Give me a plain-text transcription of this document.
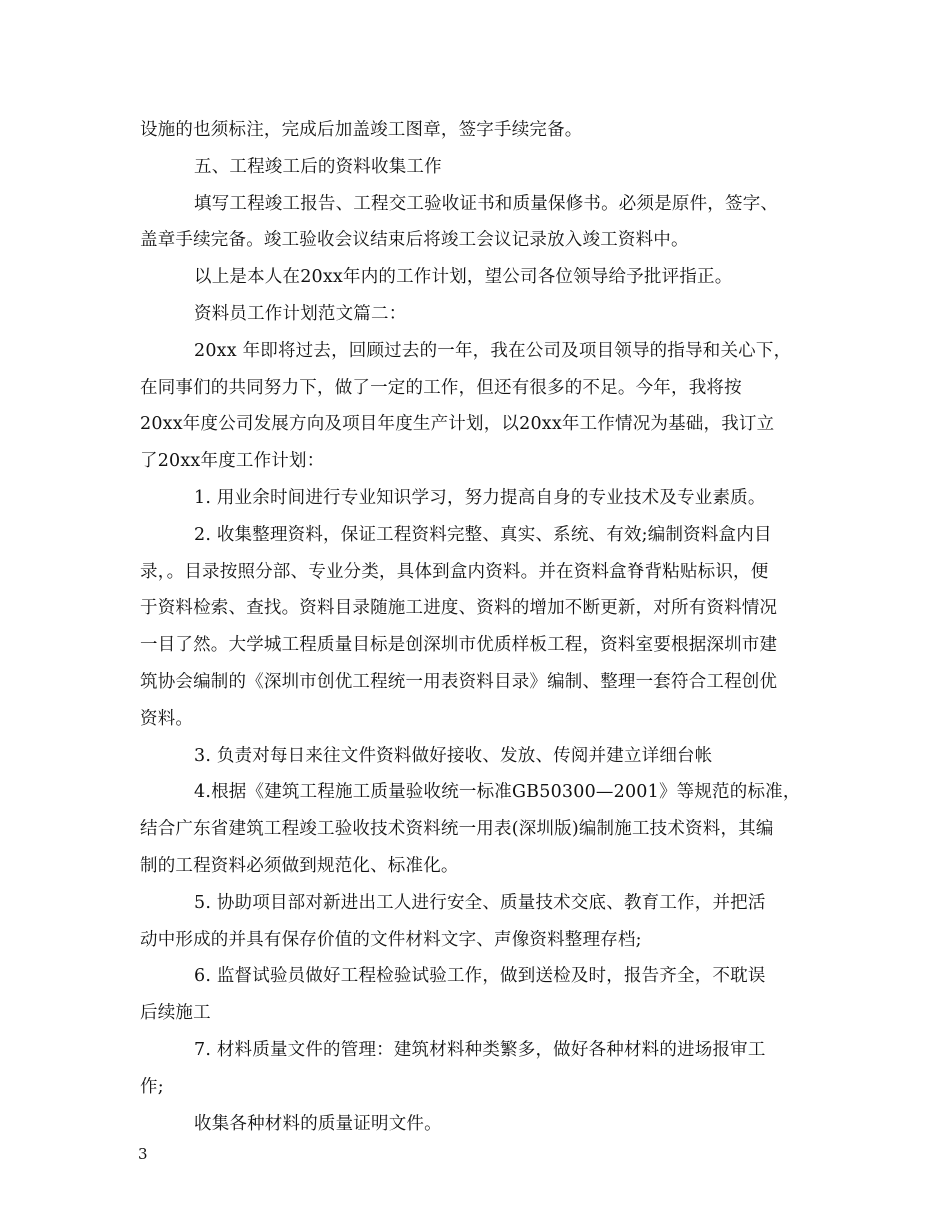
设施的也须标注，完成后加盖竣工图章，签字手续完备。
五、工程竣工后的资料收集工作
填写工程竣工报告、工程交工验收证书和质量保修书。必须是原件，签字、
盖章手续完备。竣工验收会议结束后将竣工会议记录放入竣工资料中。
以上是本人在20xx年内的工作计划，望公司各位领导给予批评指正。
资料员工作计划范文篇二：
20xx 年即将过去，回顾过去的一年，我在公司及项目领导的指导和关心下，
在同事们的共同努力下，做了一定的工作，但还有很多的不足。今年，我将按
20xx年度公司发展方向及项目年度生产计划，以20xx年工作情况为基础，我订立
了20xx年度工作计划：
1. 用业余时间进行专业知识学习，努力提高自身的专业技术及专业素质。
2. 收集整理资料，保证工程资料完整、真实、系统、有效;编制资料盒内目
录，。目录按照分部、专业分类，具体到盒内资料。并在资料盒脊背粘贴标识，便
于资料检索、查找。资料目录随施工进度、资料的增加不断更新，对所有资料情况
一目了然。大学城工程质量目标是创深圳市优质样板工程，资料室要根据深圳市建
筑协会编制的《深圳市创优工程统一用表资料目录》编制、整理一套符合工程创优
资料。
3. 负责对每日来往文件资料做好接收、发放、传阅并建立详细台帐
4.根据《建筑工程施工质量验收统一标准GB50300—2001》等规范的标准，
结合广东省建筑工程竣工验收技术资料统一用表(深圳版)编制施工技术资料，其编
制的工程资料必须做到规范化、标准化。
5. 协助项目部对新进出工人进行安全、质量技术交底、教育工作，并把活
动中形成的并具有保存价值的文件材料文字、声像资料整理存档;
6. 监督试验员做好工程检验试验工作，做到送检及时，报告齐全，不耽误
后续施工
7. 材料质量文件的管理：建筑材料种类繁多，做好各种材料的进场报审工
作;
收集各种材料的质量证明文件。
3
